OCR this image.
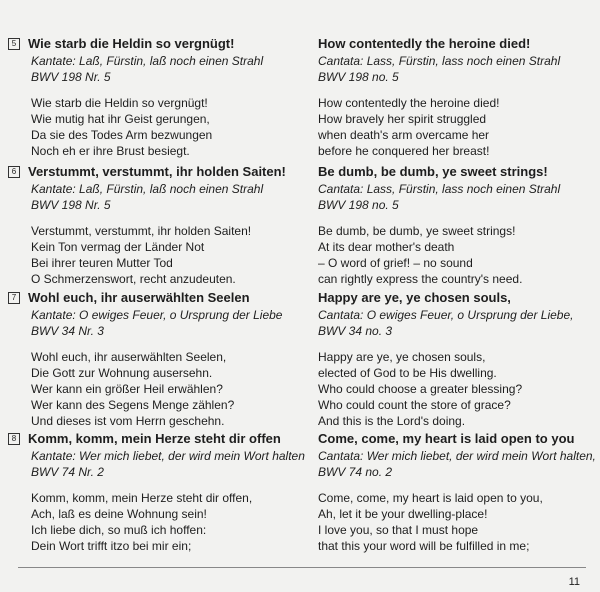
5 Wie starb die Heldin so vergnügt!
Kantate: Laß, Fürstin, laß noch einen Strahl
BWV 198 Nr. 5
Wie starb die Heldin so vergnügt!
Wie mutig hat ihr Geist gerungen,
Da sie des Todes Arm bezwungen
Noch eh er ihre Brust besiegt.
6 Verstummt, verstummt, ihr holden Saiten!
Kantate: Laß, Fürstin, laß noch einen Strahl
BWV 198 Nr. 5
Verstummt, verstummt, ihr holden Saiten!
Kein Ton vermag der Länder Not
Bei ihrer teuren Mutter Tod
O Schmerzenswort, recht anzudeuten.
7 Wohl euch, ihr auserwählten Seelen
Kantate: O ewiges Feuer, o Ursprung der Liebe
BWV 34 Nr. 3
Wohl euch, ihr auserwählten Seelen,
Die Gott zur Wohnung ausersehn.
Wer kann ein größer Heil erwählen?
Wer kann des Segens Menge zählen?
Und dieses ist vom Herrn geschehn.
8 Komm, komm, mein Herze steht dir offen
Kantate: Wer mich liebet, der wird mein Wort halten
BWV 74 Nr. 2
Komm, komm, mein Herze steht dir offen,
Ach, laß es deine Wohnung sein!
Ich liebe dich, so muß ich hoffen:
Dein Wort trifft itzo bei mir ein;
How contentedly the heroine died!
Cantata: Lass, Fürstin, lass noch einen Strahl
BWV 198 no. 5
How contentedly the heroine died!
How bravely her spirit struggled
when death's arm overcame her
before he conquered her breast!
Be dumb, be dumb, ye sweet strings!
Cantata: Lass, Fürstin, lass noch einen Strahl
BWV 198 no. 5
Be dumb, be dumb, ye sweet strings!
At its dear mother's death
– O word of grief! – no sound
can rightly express the country's need.
Happy are ye, ye chosen souls,
Cantata: O ewiges Feuer, o Ursprung der Liebe,
BWV 34 no. 3
Happy are ye, ye chosen souls,
elected of God to be His dwelling.
Who could choose a greater blessing?
Who could count the store of grace?
And this is the Lord's doing.
Come, come, my heart is laid open to you
Cantata: Wer mich liebet, der wird mein Wort halten,
BWV 74 no. 2
Come, come, my heart is laid open to you,
Ah, let it be your dwelling-place!
I love you, so that I must hope
that this your word will be fulfilled in me;
11
